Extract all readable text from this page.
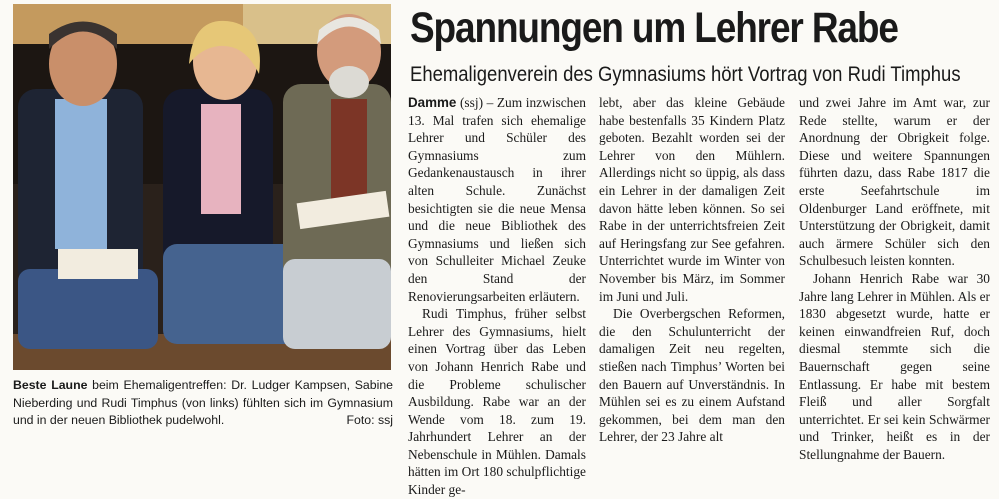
Beste Laune beim Ehemaligentreffen: Dr. Ludger Kampsen, Sabine Nieberding und Rudi Timphus (von links) fühlten sich im Gymnasium und in der neuen Bibliothek pudelwohl.	Foto: ssj
Spannungen um Lehrer Rabe
Ehemaligenverein des Gymnasiums hört Vortrag von Rudi Timphus

Damme (ssj) – Zum inzwischen 13. Mal trafen sich ehemalige Lehrer und Schüler des Gymnasiums zum Gedankenaustausch in ihrer alten Schule. Zunächst besichtigten sie die neue Mensa und die neue Bibliothek des Gymnasiums und ließen sich von Schulleiter Michael Zeuke den Stand der Renovierungsarbeiten erläutern.

Rudi Timphus, früher selbst Lehrer des Gymnasiums, hielt einen Vortrag über das Leben von Johann Henrich Rabe und die Probleme schulischer Ausbildung. Rabe war an der Wende vom 18. zum 19. Jahrhundert Lehrer an der Nebenschule in Mühlen. Damals hätten im Ort 180 schulpflichtige Kinder ge-

lebt, aber das kleine Gebäude habe bestenfalls 35 Kindern Platz geboten. Bezahlt worden sei der Lehrer von den Mühlern. Allerdings nicht so üppig, als dass ein Lehrer in der damaligen Zeit davon hätte leben können. So sei Rabe in der unterrichtsfreien Zeit auf Heringsfang zur See gefahren. Unterrichtet wurde im Winter von November bis März, im Sommer im Juni und Juli.

Die Overbergschen Reformen, die den Schulunterricht der damaligen Zeit neu regelten, stießen nach Timphus’ Worten bei den Bauern auf Unverständnis. In Mühlen sei es zu einem Aufstand gekommen, bei dem man den Lehrer, der 23 Jahre alt

und zwei Jahre im Amt war, zur Rede stellte, warum er der Anordnung der Obrigkeit folge. Diese und weitere Spannungen führten dazu, dass Rabe 1817 die erste Seefahrtschule im Oldenburger Land eröffnete, mit Unterstützung der Obrigkeit, damit auch ärmere Schüler sich den Schulbesuch leisten konnten.

Johann Henrich Rabe war 30 Jahre lang Lehrer in Mühlen. Als er 1830 abgesetzt wurde, hatte er keinen einwandfreien Ruf, doch diesmal stemmte sich die Bauernschaft gegen seine Entlassung. Er habe mit bestem Fleiß und aller Sorgfalt unterrichtet. Er sei kein Schwärmer und Trinker, heißt es in der Stellungnahme der Bauern.
